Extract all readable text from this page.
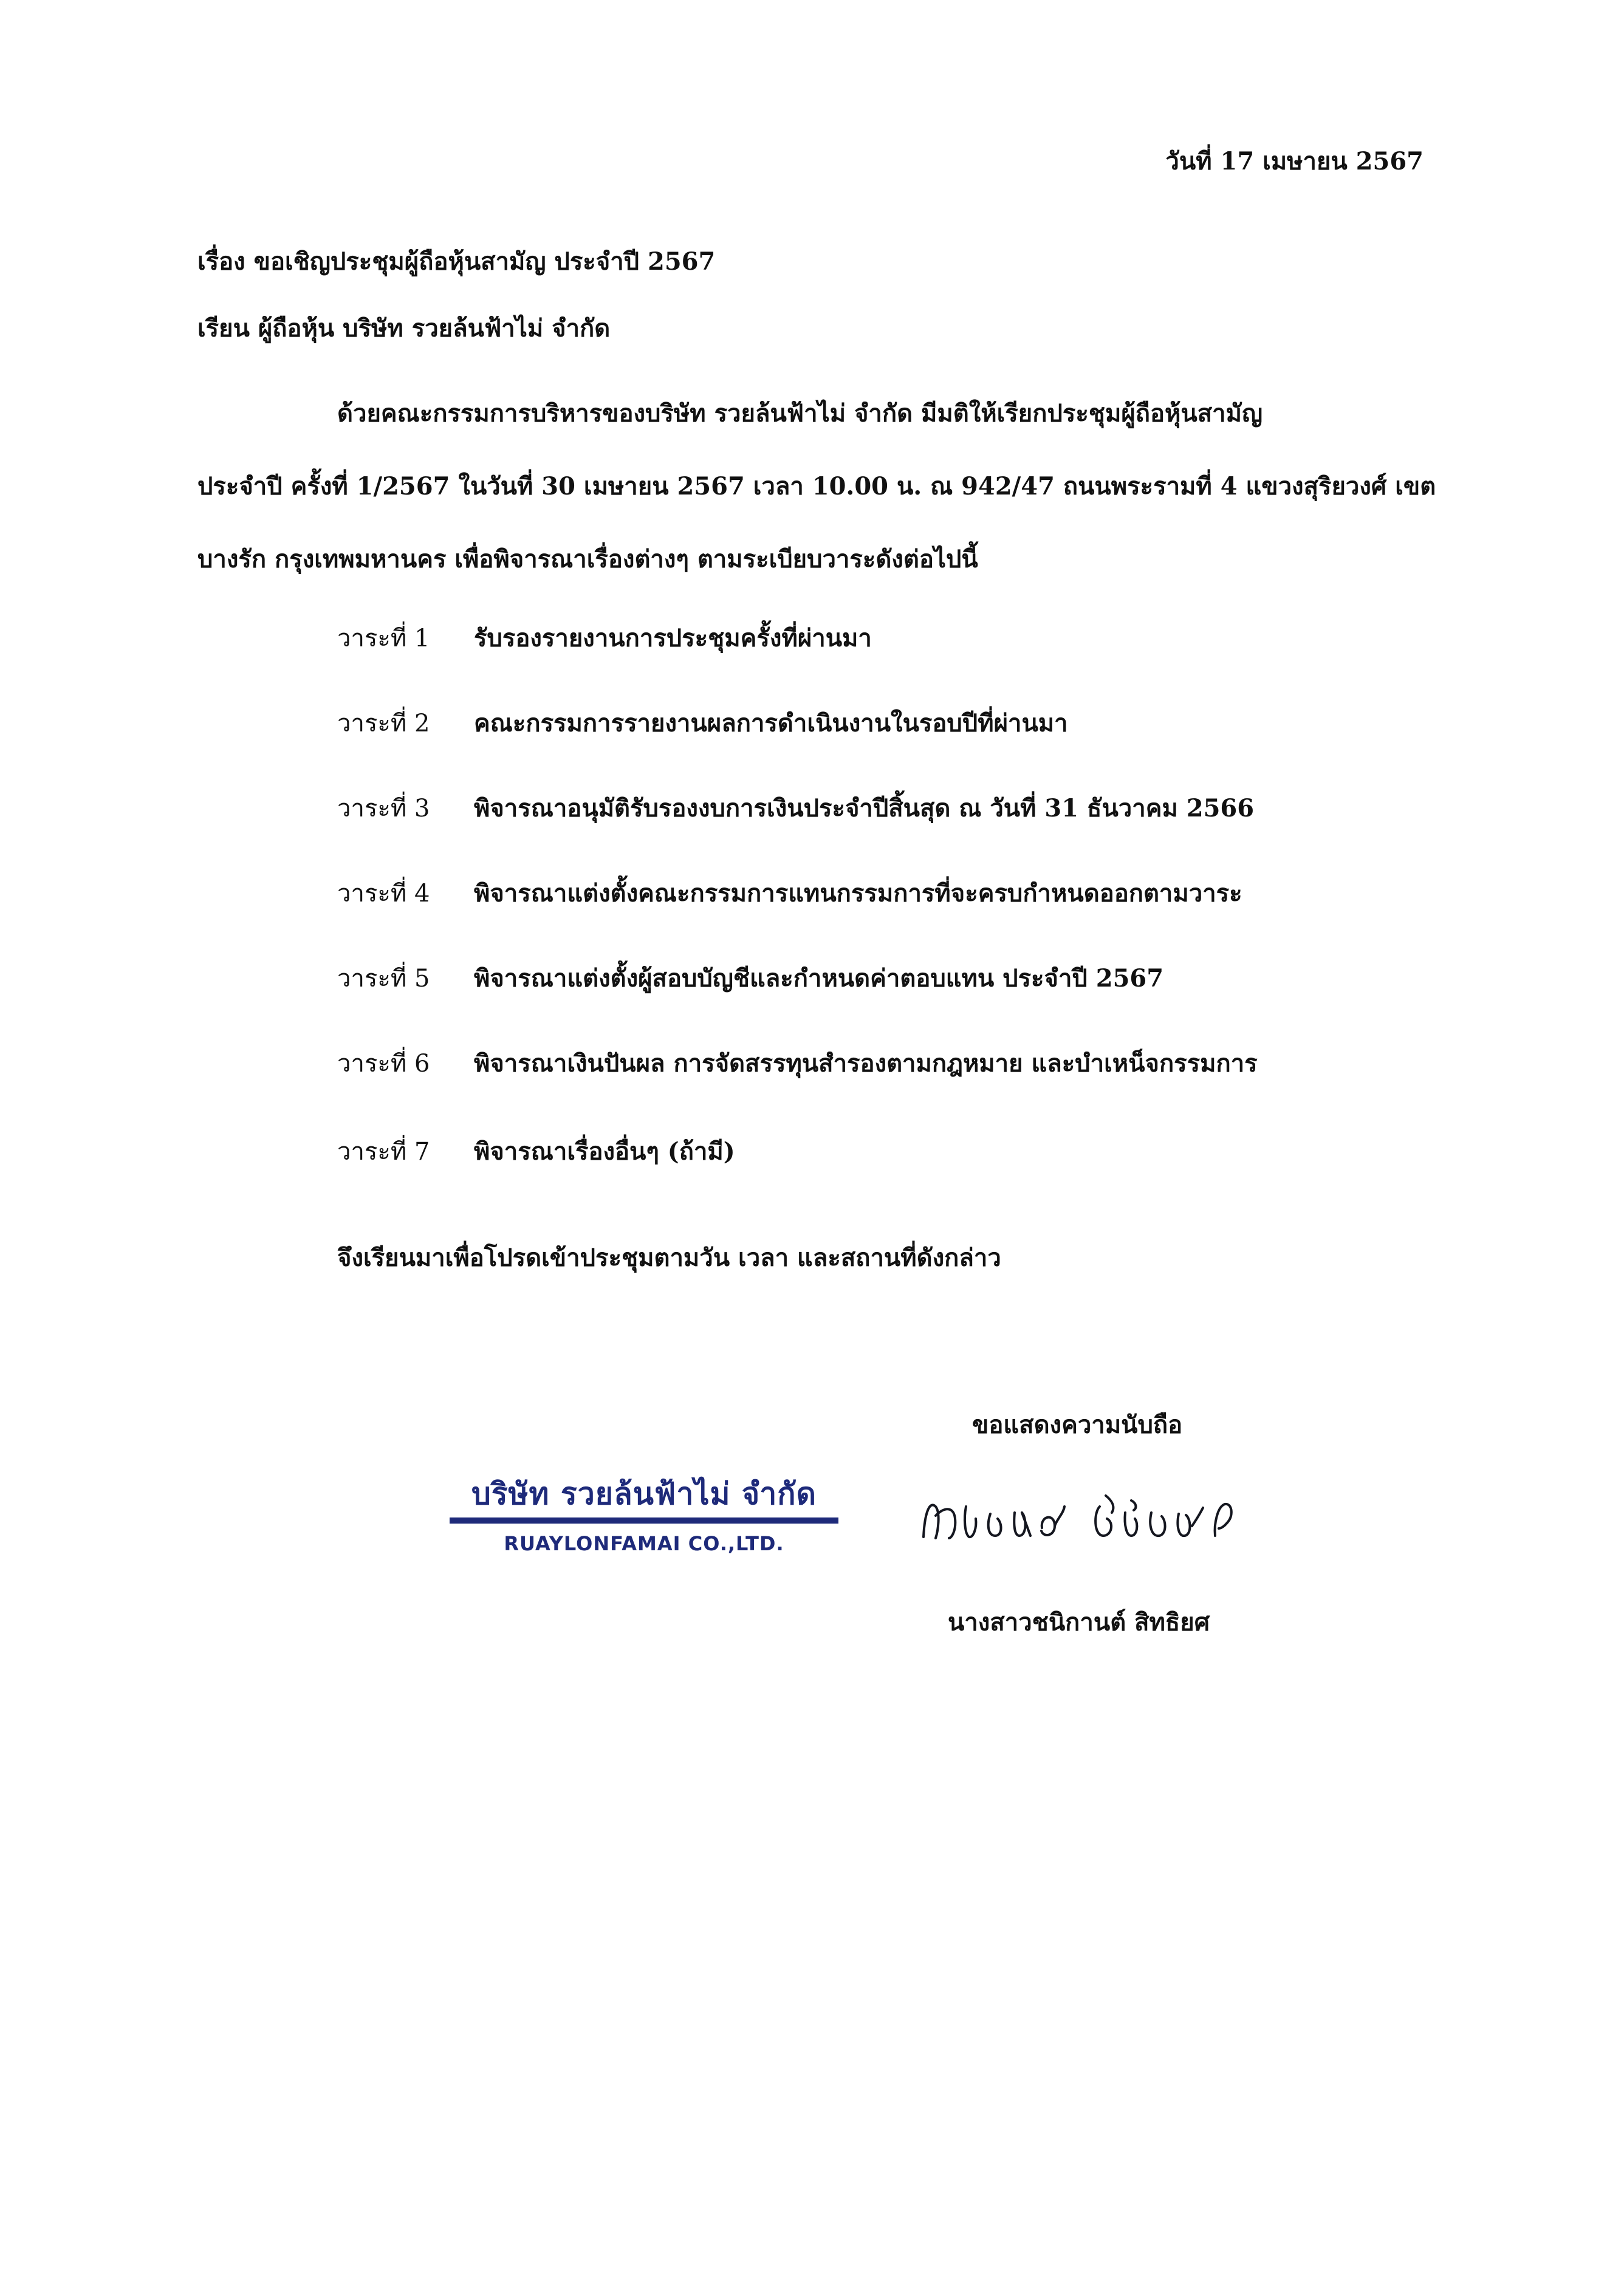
วันที่ 17 เมษายน 2567
เรื่อง ขอเชิญประชุมผู้ถือหุ้นสามัญ ประจำปี 2567
เรียน ผู้ถือหุ้น บริษัท รวยล้นฟ้าไม่ จำกัด
ด้วยคณะกรรมการบริหารของบริษัท รวยล้นฟ้าไม่ จำกัด มีมติให้เรียกประชุมผู้ถือหุ้นสามัญ
ประจำปี ครั้งที่ 1/2567 ในวันที่ 30 เมษายน 2567 เวลา 10.00 น. ณ 942/47 ถนนพระรามที่ 4 แขวงสุริยวงศ์ เขต
บางรัก กรุงเทพมหานคร เพื่อพิจารณาเรื่องต่างๆ ตามระเบียบวาระดังต่อไปนี้
วาระที่ 1 รับรองรายงานการประชุมครั้งที่ผ่านมา
วาระที่ 2 คณะกรรมการรายงานผลการดำเนินงานในรอบปีที่ผ่านมา
วาระที่ 3 พิจารณาอนุมัติรับรองงบการเงินประจำปีสิ้นสุด ณ วันที่ 31 ธันวาคม 2566
วาระที่ 4 พิจารณาแต่งตั้งคณะกรรมการแทนกรรมการที่จะครบกำหนดออกตามวาระ
วาระที่ 5 พิจารณาแต่งตั้งผู้สอบบัญชีและกำหนดค่าตอบแทน ประจำปี 2567
วาระที่ 6 พิจารณาเงินปันผล การจัดสรรทุนสำรองตามกฎหมาย และบำเหน็จกรรมการ
วาระที่ 7 พิจารณาเรื่องอื่นๆ (ถ้ามี)
จึงเรียนมาเพื่อโปรดเข้าประชุมตามวัน เวลา และสถานที่ดังกล่าว
ขอแสดงความนับถือ
บริษัท รวยล้นฟ้าไม่ จำกัด
RUAYLONFAMAI CO.,LTD.
นางสาวชนิกานต์ สิทธิยศ
